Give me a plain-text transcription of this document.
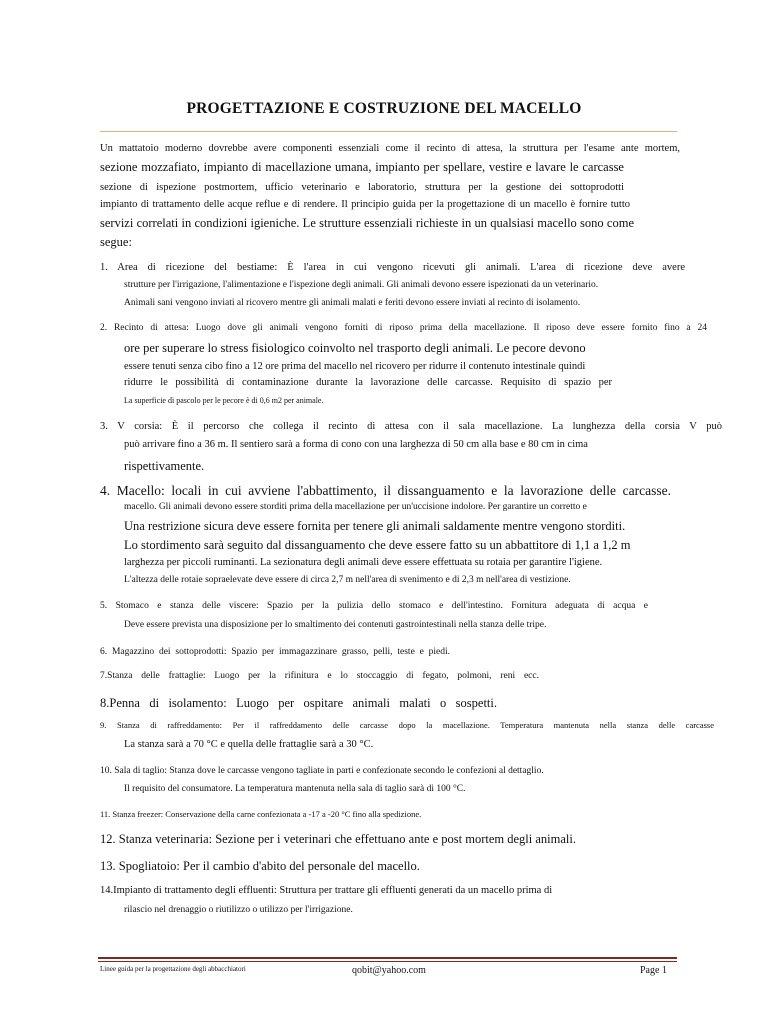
PROGETTAZIONE E COSTRUZIONE DEL MACELLO
Un mattatoio moderno dovrebbe avere componenti essenziali come il recinto di attesa, la struttura per l'esame ante mortem,
sezione mozzafiato, impianto di macellazione umana, impianto per spellare, vestire e lavare le carcasse
sezione di ispezione postmortem, ufficio veterinario e laboratorio, struttura per la gestione dei sottoprodotti
impianto di trattamento delle acque reflue e di rendere. Il principio guida per la progettazione di un macello è fornire tutto
servizi correlati in condizioni igieniche. Le strutture essenziali richieste in un qualsiasi macello sono come
segue:
1. Area di ricezione del bestiame: È l'area in cui vengono ricevuti gli animali. L'area di ricezione deve avere
strutture per l'irrigazione, l'alimentazione e l'ispezione degli animali. Gli animali devono essere ispezionati da un veterinario.
Animali sani vengono inviati al ricovero mentre gli animali malati e feriti devono essere inviati al recinto di isolamento.
2. Recinto di attesa: Luogo dove gli animali vengono forniti di riposo prima della macellazione. Il riposo deve essere fornito fino a 24
ore per superare lo stress fisiologico coinvolto nel trasporto degli animali. Le pecore devono
essere tenuti senza cibo fino a 12 ore prima del macello nel ricovero per ridurre il contenuto intestinale quindi
ridurre le possibilità di contaminazione durante la lavorazione delle carcasse. Requisito di spazio per
La superficie di pascolo per le pecore è di 0,6 m2 per animale.
3. V corsia: È il percorso che collega il recinto di attesa con il sala macellazione. La lunghezza della corsia V può
può arrivare fino a 36 m. Il sentiero sarà a forma di cono con una larghezza di 50 cm alla base e 80 cm in cima
rispettivamente.
4. Macello: locali in cui avviene l'abbattimento, il dissanguamento e la lavorazione delle carcasse.
macello. Gli animali devono essere storditi prima della macellazione per un'uccisione indolore. Per garantire un corretto e
Una restrizione sicura deve essere fornita per tenere gli animali saldamente mentre vengono storditi.
Lo stordimento sarà seguito dal dissanguamento che deve essere fatto su un abbattitore di 1,1 a 1,2 m
larghezza per piccoli ruminanti. La sezionatura degli animali deve essere effettuata su rotaia per garantire l'igiene.
L'altezza delle rotaie sopraelevate deve essere di circa 2,7 m nell'area di svenimento e di 2,3 m nell'area di vestizione.
5. Stomaco e stanza delle viscere: Spazio per la pulizia dello stomaco e dell'intestino. Fornitura adeguata di acqua e
Deve essere prevista una disposizione per lo smaltimento dei contenuti gastrointestinali nella stanza delle tripe.
6. Magazzino dei sottoprodotti: Spazio per immagazzinare grasso, pelli, teste e piedi.
7.Stanza delle frattaglie: Luogo per la rifinitura e lo stoccaggio di fegato, polmoni, reni ecc.
8.Penna di isolamento: Luogo per ospitare animali malati o sospetti.
9. Stanza di raffreddamento: Per il raffreddamento delle carcasse dopo la macellazione. Temperatura mantenuta nella stanza delle carcasse
La stanza sarà a 70 °C e quella delle frattaglie sarà a 30 °C.
10. Sala di taglio: Stanza dove le carcasse vengono tagliate in parti e confezionate secondo le confezioni al dettaglio.
Il requisito del consumatore. La temperatura mantenuta nella sala di taglio sarà di 100 °C.
11. Stanza freezer: Conservazione della carne confezionata a -17 a -20 °C fino alla spedizione.
12. Stanza veterinaria: Sezione per i veterinari che effettuano ante e post mortem degli animali.
13. Spogliatoio: Per il cambio d'abito del personale del macello.
14.Impianto di trattamento degli effluenti: Struttura per trattare gli effluenti generati da un macello prima di
rilascio nel drenaggio o riutilizzo o utilizzo per l'irrigazione.
Linee guida per la progettazione degli abbacchiatori	qobit@yahoo.com	Page 1
